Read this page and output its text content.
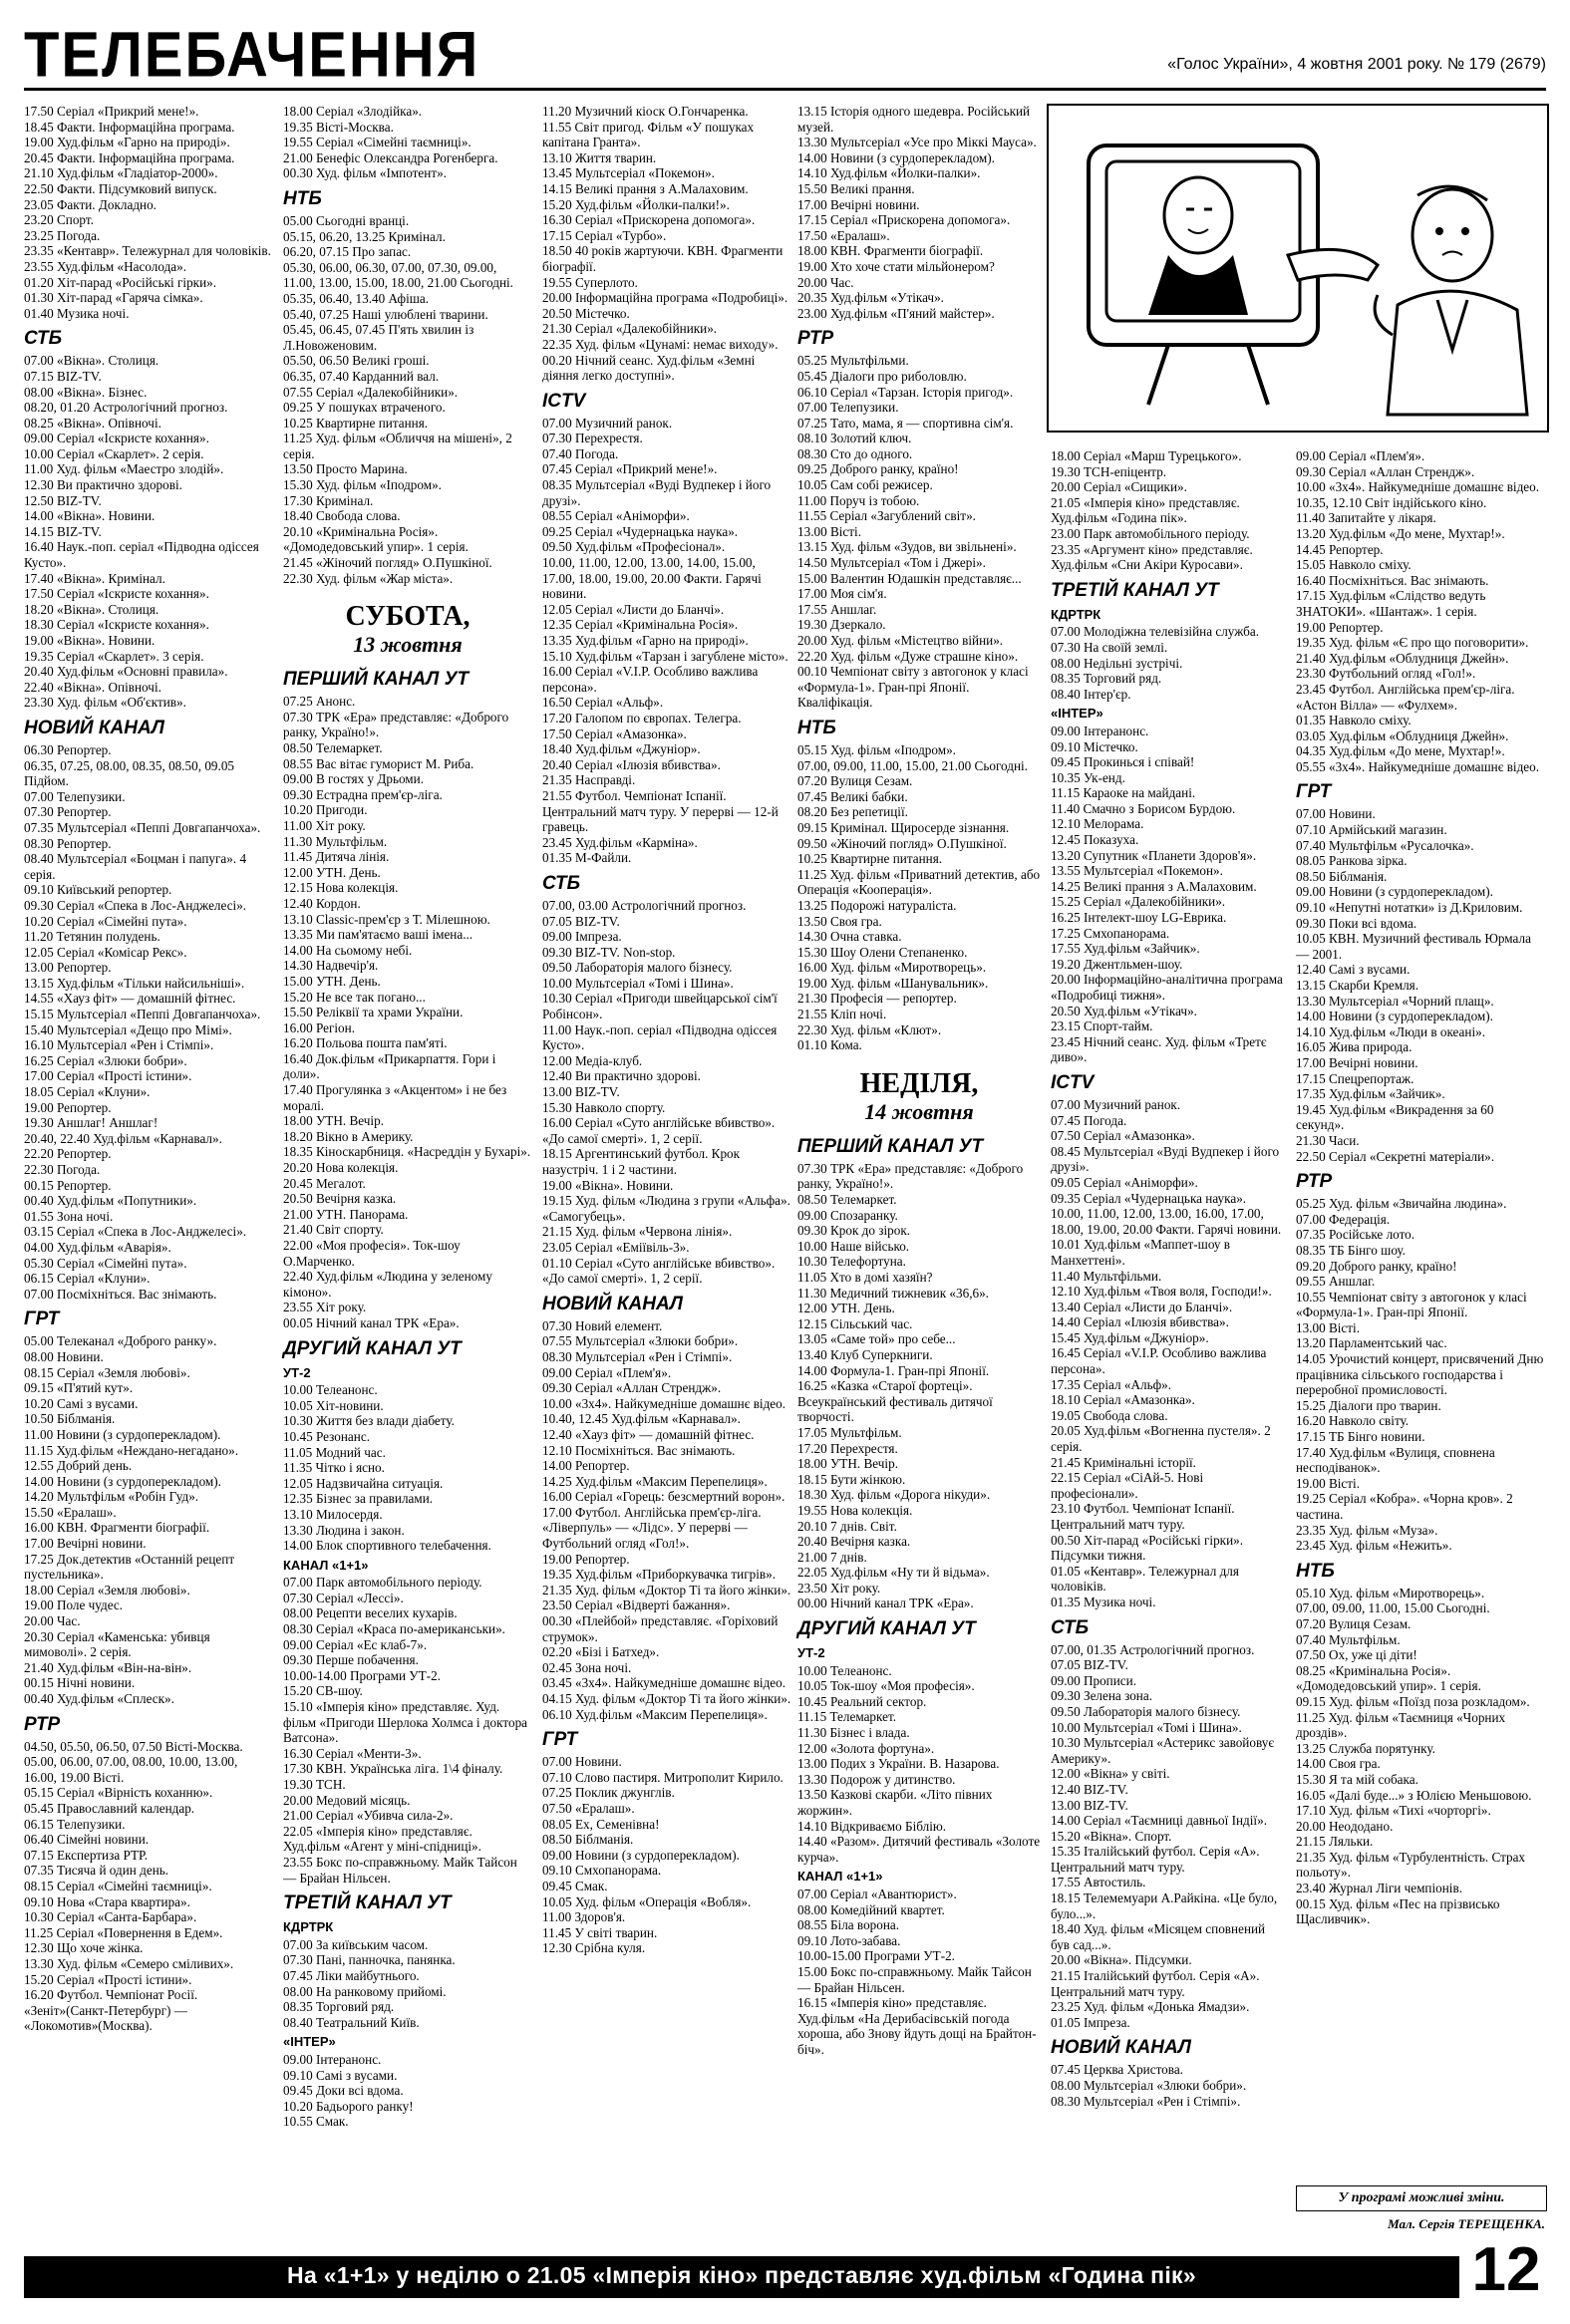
ТЕЛЕБАЧЕННЯ	«Голос України», 4 жовтня 2001 року. № 179 (2679)

17.50 Серіал «Прикрий мене!».

18.45 Факти. Інформаційна програма.

19.00 Худ.фільм «Гарно на природі».

20.45 Факти. Інформаційна програма.

21.10 Худ.фільм «Гладіатор-2000».

22.50 Факти. Підсумковий випуск.

23.05 Факти. Докладно.

23.20 Спорт.

23.25 Погода.

23.35 «Кентавр». Тележурнал для чоловіків.

23.55 Худ.фільм «Насолода».

01.20 Хіт-парад «Російські гірки».

01.30 Хіт-парад «Гаряча сімка».

01.40 Музика ночі.

СТБ

07.00 «Вікна». Столиця.

07.15 BIZ-TV.

08.00 «Вікна». Бізнес.

08.20, 01.20 Астрологічний прогноз.

08.25 «Вікна». Опівночі.

09.00 Серіал «Іскристе кохання».

10.00 Серіал «Скарлет». 2 серія.

11.00 Худ. фільм «Маестро злодій».

12.30 Ви практично здорові.

12.50 BIZ-TV.

14.00 «Вікна». Новини.

14.15 BIZ-TV.

16.40 Наук.-поп. серіал «Підводна одіссея Кусто».

17.40 «Вікна». Кримінал.

17.50 Серіал «Іскристе кохання».

18.20 «Вікна». Столиця.

18.30 Серіал «Іскристе кохання».

19.00 «Вікна». Новини.

19.35 Серіал «Скарлет». 3 серія.

20.40 Худ.фільм «Основні правила».

22.40 «Вікна». Опівночі.

23.30 Худ. фільм «Об'єктив».

НОВИЙ КАНАЛ

06.30 Репортер.

06.35, 07.25, 08.00, 08.35, 08.50, 09.05 Підйом.

07.00 Телепузики.

07.30 Репортер.

07.35 Мультсеріал «Пеппі Довгапанчоха».

08.30 Репортер.

08.40 Мультсеріал «Боцман і папуга». 4 серія.

09.10 Київський репортер.

09.30 Серіал «Спека в Лос-Анджелесі».

10.20 Серіал «Сімейні пута».

11.20 Тетянин полудень.

12.05 Серіал «Комісар Рекс».

13.00 Репортер.

13.15 Худ.фільм «Тільки найсильніші».

14.55 «Хауз фіт» — домашній фітнес.

15.15 Мультсеріал «Пеппі Довгапанчоха».

15.40 Мультсеріал «Дещо про Мімі».

16.10 Мультсеріал «Рен і Стімпі».

16.25 Серіал «Злюки бобри».

17.00 Серіал «Прості істини».

18.05 Серіал «Клуни».

19.00 Репортер.

19.30 Аншлаг! Аншлаг!

20.40, 22.40 Худ.фільм «Карнавал».

22.20 Репортер.

22.30 Погода.

00.15 Репортер.

00.40 Худ.фільм «Попутники».

01.55 Зона ночі.

03.15 Серіал «Спека в Лос-Анджелесі».

04.00 Худ.фільм «Аварія».

05.30 Серіал «Сімейні пута».

06.15 Серіал «Клуни».

07.00 Посміхніться. Вас знімають.

ГРТ

05.00 Телеканал «Доброго ранку».

08.00 Новини.

08.15 Серіал «Земля любові».

09.15 «П'ятий кут».

10.20 Самі з вусами.

10.50 Біблманія.

11.00 Новини (з сурдоперекладом).

11.15 Худ.фільм «Нежданo-негадано».

12.55 Добрий день.

14.00 Новини (з сурдоперекладом).

14.20 Мультфільм «Робін Гуд».

15.50 «Ералаш».

16.00 КВН. Фрагменти біографії.

17.00 Вечірні новини.

17.25 Док.детектив «Останній рецепт пустельника».

18.00 Серіал «Земля любові».

19.00 Поле чудес.

20.00 Час.

20.30 Серіал «Каменська: убивця мимоволі». 2 серія.

21.40 Худ.фільм «Він-на-він».

00.15 Нічні новини.

00.40 Худ.фільм «Сплеск».

РТР

04.50, 05.50, 06.50, 07.50 Вісті-Москва.

05.00, 06.00, 07.00, 08.00, 10.00, 13.00, 16.00, 19.00 Вісті.

05.15 Серіал «Вірність коханню».

05.45 Православний календар.

06.15 Телепузики.

06.40 Сімейні новини.

07.15 Експертиза РТР.

07.35 Тисяча й один день.

08.15 Серіал «Сімейні таємниці».

09.10 Нова «Старa квартира».

10.30 Серіал «Санта-Барбара».

11.25 Серіал «Повернення в Едем».

12.30 Що хоче жінка.

13.30 Худ. фільм «Семеро сміливих».

15.20 Серіал «Прості істини».

16.20 Футбол. Чемпіонат Росії. «Зеніт»(Санкт-Петербург) — «Локомотив»(Москва).

18.00 Серіал «Злодійка».

19.35 Вісті-Москва.

19.55 Серіал «Сімейні таємниці».

21.00 Бенефіс Олександра Рогенберга.

00.30 Худ. фільм «Імпотент».

НТБ

05.00 Сьогодні вранці.

05.15, 06.20, 13.25 Кримінал.

06.20, 07.15 Про запас.

05.30, 06.00, 06.30, 07.00, 07.30, 09.00, 11.00, 13.00, 15.00, 18.00, 21.00 Сьогодні.

05.35, 06.40, 13.40 Афіша.

05.40, 07.25 Наші улюблені тварини.

05.45, 06.45, 07.45 П'ять хвилин із Л.Новоженовим.

05.50, 06.50 Великі гроші.

06.35, 07.40 Карданний вал.

07.55 Серіал «Далекобійники».

09.25 У пошуках втраченого.

10.25 Квартирне питання.

11.25 Худ. фільм «Обличчя на мішені», 2 серія.

13.50 Просто Марина.

15.30 Худ. фільм «Іподром».

17.30 Кримінал.

18.40 Свобода слова.

20.10 «Кримінальна Росія». «Домодедовський упир». 1 серія.

21.45 «Жіночий погляд» О.Пушкіної.

22.30 Худ. фільм «Жар міста».

СУБОТА,
13 жовтня
ПЕРШИЙ КАНАЛ УТ

07.25 Анонс.

07.30 ТРК «Ера» представляє: «Доброго ранку, Україно!».

08.50 Телемаркет.

08.55 Вас вітає гуморист М. Рибa.

09.00 В гостях у Дрьоми.

09.30 Естрадна прем'єр-ліга.

10.20 Пригоди.

11.00 Хіт року.

11.30 Мультфільм.

11.45 Дитяча лінія.

12.00 УТН. День.

12.15 Нова колекція.

12.40 Кордон.

13.10 Classic-прем'єр з Т. Мілешною.

13.35 Ми пам'ятаємо ваші імена...

14.00 На сьомому небі.

14.30 Надвечір'я.

15.00 УТН. День.

15.20 Не все так погано...

15.50 Реліквії та храми України.

16.00 Регіон.

16.20 Польова пошта пам'яті.

16.40 Док.фільм «Прикарпаття. Гори і доли».

17.40 Прогулянка з «Акцентом» і не без моралі.

18.00 УТН. Вечір.

18.20 Вікно в Америку.

18.35 Кіноскарбниця. «Насреддін у Бухарі».

20.20 Нова колекція.

20.45 Мегалот.

20.50 Вечірня казка.

21.00 УТН. Панорама.

21.40 Світ спорту.

22.00 «Моя професія». Ток-шоу О.Марченко.

22.40 Худ.фільм «Людина у зеленому кімоно».

23.55 Хіт року.

00.05 Нічний канал ТРК «Ера».

ДРУГИЙ КАНАЛ УТ
УТ-2

10.00 Телеанонс.

10.05 Хіт-новини.

10.30 Життя без влади діабету.

10.45 Резонанс.

11.05 Модний час.

11.35 Чітко і ясно.

12.05 Надзвичайна ситуація.

12.35 Бізнес за правилами.

13.10 Милосердя.

13.30 Людина і закон.

14.00 Блок спортивного телебачення.

КАНАЛ «1+1»

07.00 Парк автомобільного періоду.

07.30 Серіал «Лессі».

08.00 Рецепти веселих кухарів.

08.30 Серіал «Краса по-американськи».

09.00 Серіал «Ес клаб-7».

09.30 Перше побачення.

10.00-14.00 Програми УТ-2.

15.20 СВ-шоу.

15.10 «Імперія кіно» представляє. Худ. фільм «Пригоди Шерлока Холмса і доктора Ватсона».

16.30 Серіал «Менти-3».

17.30 КВН. Українська ліга. 1\4 фіналу.

19.30 ТСН.

20.00 Медовий місяць.

21.00 Серіал «Убивча сила-2».

22.05 «Імперія кіно» представляє. Худ.фільм «Агент у міні-спідниці».

23.55 Бокс по-справжньому. Майк Тайсон — Брайан Нільсен.

ТРЕТІЙ КАНАЛ УТ
КДРТРК

07.00 За київським часом.

07.30 Пані, панночка, панянка.

07.45 Ліки майбутнього.

08.00 На ранковому прийомі.

08.35 Торговий ряд.

08.40 Театральний Київ.

«ІНТЕР»

09.00 Інтеранонс.

09.10 Самі з вусами.

09.45 Доки всі вдома.

10.20 Бадьорого ранку!

10.55 Смак.

11.20 Музичний кіоск О.Гончаренка.

11.55 Світ пригод. Фільм «У пошуках капітана Гранта».

13.10 Життя тварин.

13.45 Мультсеріал «Покемон».

14.15 Великі прання з А.Малаховим.

15.20 Худ.фільм «Йолки-палки!».

16.30 Серіал «Прискорена допомога».

17.15 Серіал «Турбо».

18.50 40 років жартуючи. КВН. Фрагменти біографії.

19.55 Суперлото.

20.00 Інформаційна програма «Подробиці».

20.50 Містечко.

21.30 Серіал «Далекобійники».

22.35 Худ. фільм «Цунамі: немає виходу».

00.20 Нічний сеанс. Худ.фільм «Земні діяння легко доступні».

ICTV

07.00 Музичний ранок.

07.30 Перехрестя.

07.40 Погода.

07.45 Серіал «Прикрий мене!».

08.35 Мультсеріал «Вуді Вудпекер і його друзі».

08.55 Серіал «Аніморфи».

09.25 Серіал «Чудернацька наука».

09.50 Худ.фільм «Професіонал».

10.00, 11.00, 12.00, 13.00, 14.00, 15.00, 17.00, 18.00, 19.00, 20.00 Факти. Гарячі новини.

12.05 Серіал «Листи до Бланчі».

12.35 Серіал «Кримінальна Росія».

13.35 Худ.фільм «Гарно на природі».

15.10 Худ.фільм «Тарзан і загублене місто».

16.00 Серіал «V.I.P. Особливо важлива персона».

16.50 Серіал «Альф».

17.20 Галопом по європах. Телегра.

17.50 Серіал «Амазонка».

18.40 Худ.фільм «Джуніор».

20.40 Серіал «Ілюзія вбивства».

21.35 Насправді.

21.55 Футбол. Чемпіонат Іспанії. Центральний матч туру. У перерві — 12-й гравець.

23.45 Худ.фільм «Карміна».

01.35 М-Файли.

СТБ

07.00, 03.00 Астрологічний прогноз.

07.05 BIZ-TV.

09.00 Імпреза.

09.30 BIZ-TV. Non-stop.

09.50 Лабораторія малого бізнесу.

10.00 Мультсеріал «Томі і Шина».

10.30 Серіал «Пригоди швейцарської сім'ї Робінсон».

11.00 Наук.-поп. серіал «Підводна одіссея Кусто».

12.00 Медіа-клуб.

12.40 Ви практично здорові.

13.00 BIZ-TV.

15.30 Навколо спорту.

16.00 Серіал «Суто англійське вбивство». «До самої смерті». 1, 2 серії.

18.15 Аргентинський футбол. Крок назустріч. 1 і 2 частини.

19.00 «Вікна». Новини.

19.15 Худ. фільм «Людина з групи «Альфа». «Самогубець».

21.15 Худ. фільм «Червона лінія».

23.05 Серіал «Еміївіль-3».

01.10 Серіал «Суто англійське вбивство». «До самої смерті». 1, 2 серії.

НОВИЙ КАНАЛ

07.30 Новий елемент.

07.55 Мультсеріал «Злюки бобри».

08.30 Мультсеріал «Рен і Стімпі».

09.00 Серіал «Плем'я».

09.30 Серіал «Аллан Стрендж».

10.00 «3х4». Найкумедніше домашнє відео.

10.40, 12.45 Худ.фільм «Карнавал».

12.40 «Хауз фіт» — домашній фітнес.

12.10 Посміхніться. Вас знімають.

14.00 Репортер.

14.25 Худ.фільм «Максим Перепелиця».

16.00 Серіал «Горець: безсмертний ворон».

17.00 Футбол. Англійська прем'єр-ліга. «Ліверпуль» — «Лідс». У перерві — Футбольний огляд «Гол!».

19.00 Репортер.

19.35 Худ.фільм «Приборкувачка тигрів».

21.35 Худ. фільм «Доктор Ті та його жінки».

23.50 Серіал «Відверті бажання».

00.30 «Плейбой» представляє. «Горіховий струмок».

02.20 «Бізі і Батхед».

02.45 Зона ночі.

03.45 «3х4». Найкумедніше домашнє відео.

04.15 Худ. фільм «Доктор Ті та його жінки».

06.10 Худ.фільм «Максим Перепелиця».

ГРТ

07.00 Новини.

07.10 Слово пастиря. Митрополит Кирило.

07.25 Поклик джунглів.

07.50 «Ералаш».

08.05 Ех, Семенівна!

08.50 Біблманія.

09.00 Новини (з сурдоперекладом).

09.10 Смхопанорама.

09.45 Смак.

10.05 Худ. фільм «Операція «Вобля».

11.00 Здоров'я.

11.45 У світі тварин.

12.30 Срібна куля.

13.15 Історія одного шедевра. Російський музей.

13.30 Мультсеріал «Усе про Міккі Мауса».

14.00 Новини (з сурдоперекладом).

14.10 Худ.фільм «Йолки-палки».

15.50 Великі прання.

17.00 Вечірні новини.

17.15 Серіал «Прискорена допомога».

17.50 «Ералаш».

18.00 КВН. Фрагменти біографії.

19.00 Хто хоче стати мільйонером?

20.00 Час.

20.35 Худ.фільм «Утікач».

23.00 Худ.фільм «П'яний майстер».

РТР

05.25 Мультфільми.

05.45 Діалоги про риболовлю.

06.10 Серіал «Тарзан. Історія пригод».

07.00 Телепузики.

07.25 Тато, мама, я — спортивна сім'я.

08.10 Золотий ключ.

08.30 Сто до одного.

09.25 Доброго ранку, країно!

10.05 Сам собі режисер.

11.00 Поруч із тобою.

11.55 Серіал «Загублений світ».

13.00 Вісті.

13.15 Худ. фільм «Зудов, ви звільнені».

14.50 Мультсеріал «Том і Джері».

15.00 Валентин Юдашкін представляє...

17.00 Моя сім'я.

17.55 Аншлаг.

19.30 Дзеркало.

20.00 Худ. фільм «Містецтво війни».

22.20 Худ. фільм «Дуже страшне кіно».

00.10 Чемпіонат світу з автогонок у класі «Формула-1». Гран-прі Японії. Кваліфікація.

НТБ

05.15 Худ. фільм «Іподром».

07.00, 09.00, 11.00, 15.00, 21.00 Сьогодні.

07.20 Вулиця Сезам.

07.45 Великі бабки.

08.20 Без репетиції.

09.15 Кримінал. Щиросерде зізнання.

09.50 «Жіночий погляд» О.Пушкіної.

10.25 Квартирне питання.

11.25 Худ. фільм «Приватний детектив, або Операція «Кооперація».

13.25 Подорожі натураліста.

13.50 Своя гра.

14.30 Очна ставка.

15.30 Шоу Олени Степаненко.

16.00 Худ. фільм «Миротворець».

19.00 Худ. фільм «Шанувальник».

21.30 Професія — репортер.

21.55 Кліп ночі.

22.30 Худ. фільм «Клют».

01.10 Кома.

НЕДІЛЯ,
14 жовтня
ПЕРШИЙ КАНАЛ УТ

07.30 ТРК «Ера» представляє: «Доброго ранку, Україно!».

08.50 Телемаркет.

09.00 Спозаранку.

09.30 Крок до зірок.

10.00 Наше військо.

10.30 Телефортуна.

11.05 Хто в домі хазяїн?

11.30 Медичний тижневик «36,6».

12.00 УТН. День.

12.15 Сільський час.

13.05 «Саме той» про себе...

13.40 Клуб Суперкниги.

14.00 Формула-1. Гран-прі Японії.

16.25 «Казка «Старої фортеці». Всеукраїнський фестиваль дитячої творчості.

17.05 Мультфільм.

17.20 Перехрестя.

18.00 УТН. Вечір.

18.15 Бути жінкою.

18.30 Худ. фільм «Дорога нікуди».

19.55 Нова колекція.

20.10 7 днів. Світ.

20.40 Вечірня казка.

21.00 7 днів.

22.05 Худ.фільм «Ну ти й відьма».

23.50 Хіт року.

00.00 Нічний канал ТРК «Ера».

ДРУГИЙ КАНАЛ УТ
УТ-2

10.00 Телеанонс.

10.05 Ток-шоу «Моя професія».

10.45 Реальний сектор.

11.15 Телемаркет.

11.30 Бізнес і влада.

12.00 «Золота фортуна».

13.00 Подих з України. В. Назарова.

13.30 Подорож у дитинство.

13.50 Казкові скарби. «Літо півних жоржин».

14.10 Відкриваємо Біблію.

14.40 «Разом». Дитячий фестиваль «Золоте курча».

КАНАЛ «1+1»

07.00 Серіал «Авантюрист».

08.00 Комедійний квартет.

08.55 Біла ворона.

09.10 Лото-забава.

10.00-15.00 Програми УТ-2.

15.00 Бокс по-справжньому. Майк Тайсон — Брайан Нільсен.

16.15 «Імперія кіно» представляє. Худ.фільм «На Дерибасівській погода хороша, або Знову йдуть дощі на Брайтон-біч».

18.00 Серіал «Марш Турецького».

19.30 ТСН-епіцентр.

20.00 Серіал «Сищики».

21.05 «Імперія кіно» представляє. Худ.фільм «Година пік».

23.00 Парк автомобільного періоду.

23.35 «Аргумент кіно» представляє. Худ.фільм «Сни Акіри Куросави».

ТРЕТІЙ КАНАЛ УТ
КДРТРК

07.00 Молодіжна телевізійна служба.

07.30 На своїй землі.

08.00 Недільні зустрічі.

08.35 Торговий ряд.

08.40 Інтер'єр.

«ІНТЕР»

09.00 Інтеранонс.

09.10 Містечко.

09.45 Прокинься і співай!

10.35 Ук-енд.

11.15 Караоке на майдані.

11.40 Смачно з Борисом Бурдою.

12.10 Мелорама.

12.45 Показуха.

13.20 Супутник «Планети Здоров'я».

13.55 Мультсеріал «Покемон».

14.25 Великі прання з А.Малаховим.

15.25 Серіал «Далекобійники».

16.25 Інтелект-шоу LG-Еврика.

17.25 Смхопанорама.

17.55 Худ.фільм «Зайчик».

19.20 Джентльмен-шоу.

20.00 Інформаційно-аналітична програма «Подробиці тижня».

20.50 Худ.фільм «Утікач».

23.15 Спорт-тайм.

23.45 Нічний сеанс. Худ. фільм «Третє диво».

ICTV

07.00 Музичний ранок.

07.45 Погода.

07.50 Серіал «Амазонка».

08.45 Мультсеріал «Вуді Вудпекер і його друзі».

09.05 Серіал «Аніморфи».

09.35 Серіал «Чудернацька наука».

10.00, 11.00, 12.00, 13.00, 16.00, 17.00, 18.00, 19.00, 20.00 Факти. Гарячі новини.

10.01 Худ.фільм «Маппет-шоу в Манхеттені».

11.40 Мультфільми.

12.10 Худ.фільм «Твоя воля, Господи!».

13.40 Серіал «Листи до Бланчі».

14.40 Серіал «Ілюзія вбивства».

15.45 Худ.фільм «Джуніор».

16.45 Серіал «V.I.P. Особливо важлива персона».

17.35 Серіал «Альф».

18.10 Серіал «Амазонка».

19.05 Свобода слова.

20.05 Худ.фільм «Вогненна пустеля». 2 серія.

21.45 Кримінальні історії.

22.15 Серіал «СіАй-5. Нові професіонали».

23.10 Футбол. Чемпіонат Іспанії. Центральний матч туру.

00.50 Хіт-парад «Російські гірки». Підсумки тижня.

01.05 «Кентавр». Тележурнал для чоловіків.

01.35 Музика ночі.

СТБ

07.00, 01.35 Астрологічний прогноз.

07.05 BIZ-TV.

09.00 Прописи.

09.30 Зелена зона.

09.50 Лабораторія малого бізнесу.

10.00 Мультсеріал «Томі і Шина».

10.30 Мультсеріал «Астерикс завойовує Америку».

12.00 «Вікна» у світі.

12.40 BIZ-TV.

13.00 BIZ-TV.

14.00 Серіал «Таємниці давньої Індії».

15.20 «Вікна». Спорт.

15.35 Італійський футбол. Серія «А». Центральний матч туру.

17.55 Автостиль.

18.15 Телемемуари А.Райкіна. «Це було, було...».

18.40 Худ. фільм «Місяцем сповнений був сад...».

20.00 «Вікна». Підсумки.

21.15 Італійський футбол. Серія «А». Центральний матч туру.

23.25 Худ. фільм «Донька Ямадзи».

01.05 Імпреза.

НОВИЙ КАНАЛ

07.45 Церква Христова.

08.00 Мультсеріал «Злюки бобри».

08.30 Мультсеріал «Рен і Стімпі».

09.00 Серіал «Плем'я».

09.30 Серіал «Аллан Стрендж».

10.00 «3х4». Найкумедніше домашнє відео.

10.35, 12.10 Світ індійського кіно.

11.40 Запитайте у лікаря.

13.20 Худ.фільм «До мене, Мухтар!».

14.45 Репортер.

15.05 Навколо сміху.

16.40 Посміхніться. Вас знімають.

17.15 Худ.фільм «Слідство ведуть ЗНАТОКИ». «Шантаж». 1 серія.

19.00 Репортер.

19.35 Худ. фільм «Є про що поговорити».

21.40 Худ.фільм «Облудниця Джейн».

23.30 Футбольний огляд «Гол!».

23.45 Футбол. Англійська прем'єр-ліга. «Астон Вілла» — «Фулхем».

01.35 Навколо сміху.

03.05 Худ.фільм «Облудниця Джейн».

04.35 Худ.фільм «До мене, Мухтар!».

05.55 «3х4». Найкумедніше домашнє відео.

ГРТ

07.00 Новини.

07.10 Армійський магазин.

07.40 Мультфільм «Русалочка».

08.05 Ранкова зірка.

08.50 Біблманія.

09.00 Новини (з сурдоперекладом).

09.10 «Непутні нотатки» із Д.Криловим.

09.30 Поки всі вдома.

10.05 КВН. Музичний фестиваль Юрмала — 2001.

12.40 Самі з вусами.

13.15 Скарби Кремля.

13.30 Мультсеріал «Чорний плащ».

14.00 Новини (з сурдоперекладом).

14.10 Худ.фільм «Люди в океані».

16.05 Жива природа.

17.00 Вечірні новини.

17.15 Спецрепортаж.

17.35 Худ.фільм «Зайчик».

19.45 Худ.фільм «Викрадення за 60 секунд».

21.30 Часи.

22.50 Серіал «Секретні матеріали».

РТР

05.25 Худ. фільм «Звичайна людина».

07.00 Федерація.

07.35 Російське лото.

08.35 ТБ Бінго шоу.

09.20 Доброго ранку, країно!

09.55 Аншлаг.

10.55 Чемпіонат світу з автогонок у класі «Формула-1». Гран-прі Японії.

13.00 Вісті.

13.20 Парламентський час.

14.05 Урочистий концерт, присвячений Дню працівника сільського господарства і переробної промисловості.

15.25 Діалоги про тварин.

16.20 Навколо світу.

17.15 ТБ Бінго новини.

17.40 Худ.фільм «Вулиця, сповнена несподіванок».

19.00 Вісті.

19.25 Серіал «Кобра». «Чорна кров». 2 частина.

23.35 Худ. фільм «Муза».

23.45 Худ. фільм «Нежить».

НТБ

05.10 Худ. фільм «Миротворець».

07.00, 09.00, 11.00, 15.00 Сьогодні.

07.20 Вулиця Сезам.

07.40 Мультфільм.

07.50 Ох, уже ці діти!

08.25 «Кримінальна Росія». «Домодедовський упир». 1 серія.

09.15 Худ. фільм «Поїзд поза розкладом».

11.25 Худ. фільм «Таємниця «Чорних дроздів».

13.25 Служба порятунку.

14.00 Своя гра.

15.30 Я та мій собака.

16.05 «Далі буде...» з Юлією Меньшовою.

17.10 Худ. фільм «Тихі «чорторгі».

20.00 Нeoдодано.

21.15 Ляльки.

21.35 Худ. фільм «Турбулентність. Страх польоту».

23.40 Журнал Ліги чемпіонів.

00.15 Худ. фільм «Пес на прізвисько Щасливчик».

У програмі можливі зміни.
Мал. Сергія ТЕРЕЩЕНКА.
На «1+1» у неділю о 21.05 «Імперія кіно» представляє худ.фільм «Година пік»	12
